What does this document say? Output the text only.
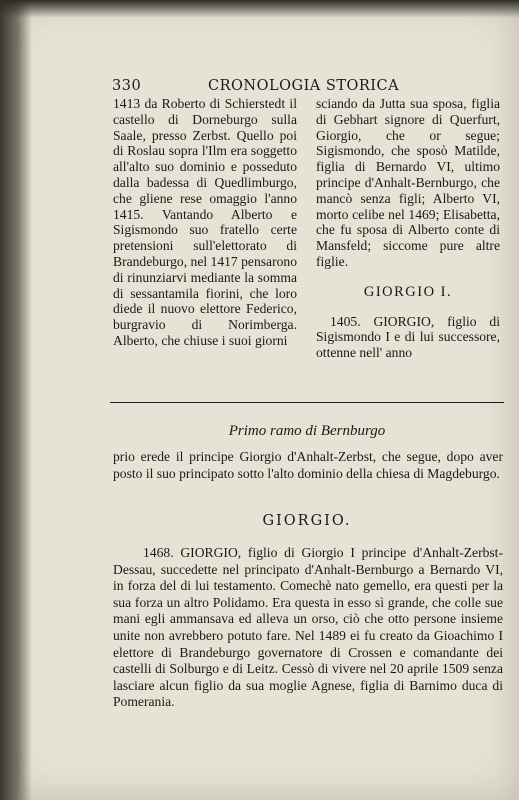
330	CRONOLOGIA STORICA

1413 da Roberto di Schierstedt il castello di Dorneburgo sulla Saale, presso Zerbst. Quello poi di Roslau sopra l'Ilm era soggetto all'alto suo dominio e posseduto dalla badessa di Quedlimburgo, che gliene rese omaggio l'anno 1415. Vantando Alberto e Sigismondo suo fratello certe pretensioni sull'elettorato di Brandeburgo, nel 1417 pensarono di rinunziarvi mediante la somma di sessantamila fiorini, che loro diede il nuovo elettore Federico, burgravio di Norimberga. Alberto, che chiuse i suoi giorni

sciando da Jutta sua sposa, figlia di Gebhart signore di Querfurt, Giorgio, che or segue; Sigismondo, che sposò Matilde, figlia di Bernardo VI, ultimo principe d'Anhalt-Bernburgo, che mancò senza figli; Alberto VI, morto celibe nel 1469; Elisabetta, che fu sposa di Alberto conte di Mansfeld; siccome pure altre figlie.

GIORGIO I.

1405. GIORGIO, figlio di Sigismondo I e di lui successore, ottenne nell' anno

Primo ramo di Bernburgo

prio erede il principe Giorgio d'Anhalt-Zerbst, che segue, dopo aver posto il suo principato sotto l'alto dominio della chiesa di Magdeburgo.

GIORGIO.

1468. GIORGIO, figlio di Giorgio I principe d'Anhalt-Zerbst-Dessau, succedette nel principato d'Anhalt-Bernburgo a Bernardo VI, in forza del di lui testamento. Comechè nato gemello, era questi per la sua forza un altro Polidamo. Era questa in esso sì grande, che colle sue mani egli ammansava ed alleva un orso, ciò che otto persone insieme unite non avrebbero potuto fare. Nel 1489 ei fu creato da Gioachimo I elettore di Brandeburgo governatore di Crossen e comandante dei castelli di Solburgo e di Leitz. Cessò di vivere nel 20 aprile 1509 senza lasciare alcun figlio da sua moglie Agnese, figlia di Barnimo duca di Pomerania.
